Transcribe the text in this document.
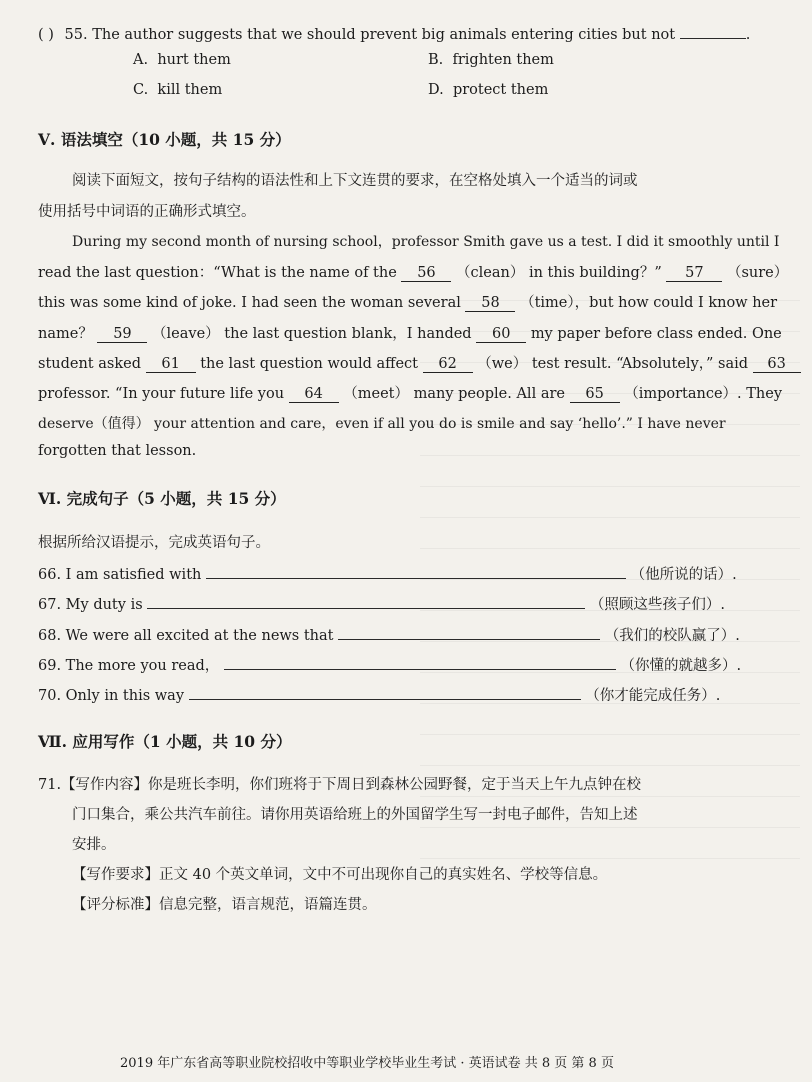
( ) 55. The author suggests that we should prevent big animals entering cities but not	.
A. hurt them	B. frighten them
C. kill them	D. protect them
Ⅴ. 语法填空（10 小题，共 15 分）
阅读下面短文，按句子结构的语法性和上下文连贯的要求，在空格处填入一个适当的词或
使用括号中词语的正确形式填空。
During my second month of nursing school，professor Smith gave us a test. I did it smoothly until I
read the last question：“What is the name of the 56 （clean） in this building？” 57 （sure）
this was some kind of joke. I had seen the woman several 58 （time），but how could I know her
name？ 59 （leave） the last question blank，I handed 60 my paper before class ended. One
student asked 61 the last question would affect 62 （we） test result. “Absolutely，” said 63
professor. “In your future life you 64 （meet） many people. All are 65 （importance）. They
deserve（值得） your attention and care，even if all you do is smile and say ‘hello’.” I have never
forgotten that lesson.
Ⅵ. 完成句子（5 小题，共 15 分）
根据所给汉语提示，完成英语句子。
66. I am satisfied with	（他所说的话）.
67. My duty is	（照顾这些孩子们）.
68. We were all excited at the news that	（我们的校队赢了）.
69. The more you read，	（你懂的就越多）.
70. Only in this way	（你才能完成任务）.
Ⅶ. 应用写作（1 小题，共 10 分）
71.【写作内容】你是班长李明，你们班将于下周日到森林公园野餐，定于当天上午九点钟在校
门口集合，乘公共汽车前往。请你用英语给班上的外国留学生写一封电子邮件，告知上述
安排。
【写作要求】正文 40 个英文单词，文中不可出现你自己的真实姓名、学校等信息。
【评分标准】信息完整，语言规范，语篇连贯。
2019 年广东省高等职业院校招收中等职业学校毕业生考试 · 英语试卷 共 8 页 第 8 页
